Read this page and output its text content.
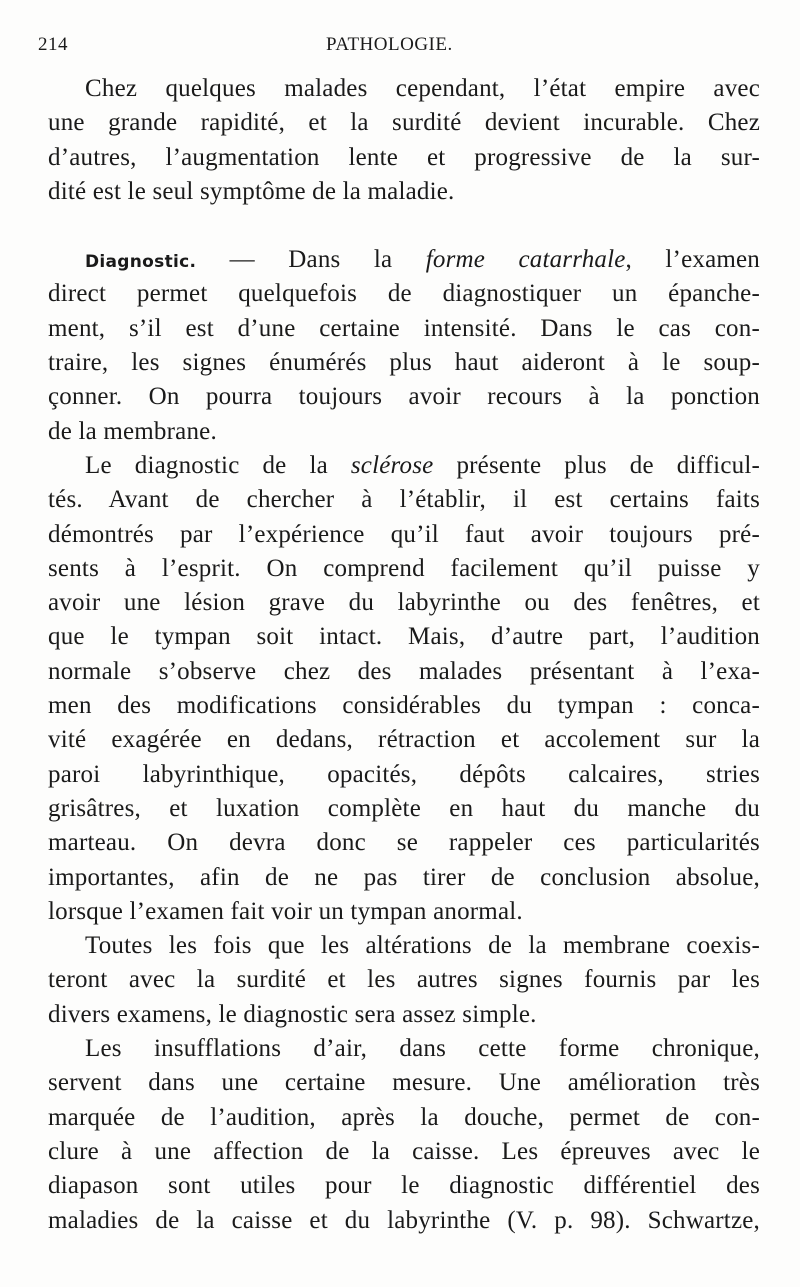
214	PATHOLOGIE.
Chez quelques malades cependant, l’état empire avec
une grande rapidité, et la surdité devient incurable. Chez
d’autres, l’augmentation lente et progressive de la sur-
dité est le seul symptôme de la maladie.
Diagnostic. — Dans la forme catarrhale, l’examen
direct permet quelquefois de diagnostiquer un épanche-
ment, s’il est d’une certaine intensité. Dans le cas con-
traire, les signes énumérés plus haut aideront à le soup-
çonner. On pourra toujours avoir recours à la ponction
de la membrane.
Le diagnostic de la sclérose présente plus de difficul-
tés. Avant de chercher à l’établir, il est certains faits
démontrés par l’expérience qu’il faut avoir toujours pré-
sents à l’esprit. On comprend facilement qu’il puisse y
avoir une lésion grave du labyrinthe ou des fenêtres, et
que le tympan soit intact. Mais, d’autre part, l’audition
normale s’observe chez des malades présentant à l’exa-
men des modifications considérables du tympan : conca-
vité exagérée en dedans, rétraction et accolement sur la
paroi labyrinthique, opacités, dépôts calcaires, stries
grisâtres, et luxation complète en haut du manche du
marteau. On devra donc se rappeler ces particularités
importantes, afin de ne pas tirer de conclusion absolue,
lorsque l’examen fait voir un tympan anormal.
Toutes les fois que les altérations de la membrane coexis-
teront avec la surdité et les autres signes fournis par les
divers examens, le diagnostic sera assez simple.
Les insufflations d’air, dans cette forme chronique,
servent dans une certaine mesure. Une amélioration très
marquée de l’audition, après la douche, permet de con-
clure à une affection de la caisse. Les épreuves avec le
diapason sont utiles pour le diagnostic différentiel des
maladies de la caisse et du labyrinthe (V. p. 98). Schwartze,
